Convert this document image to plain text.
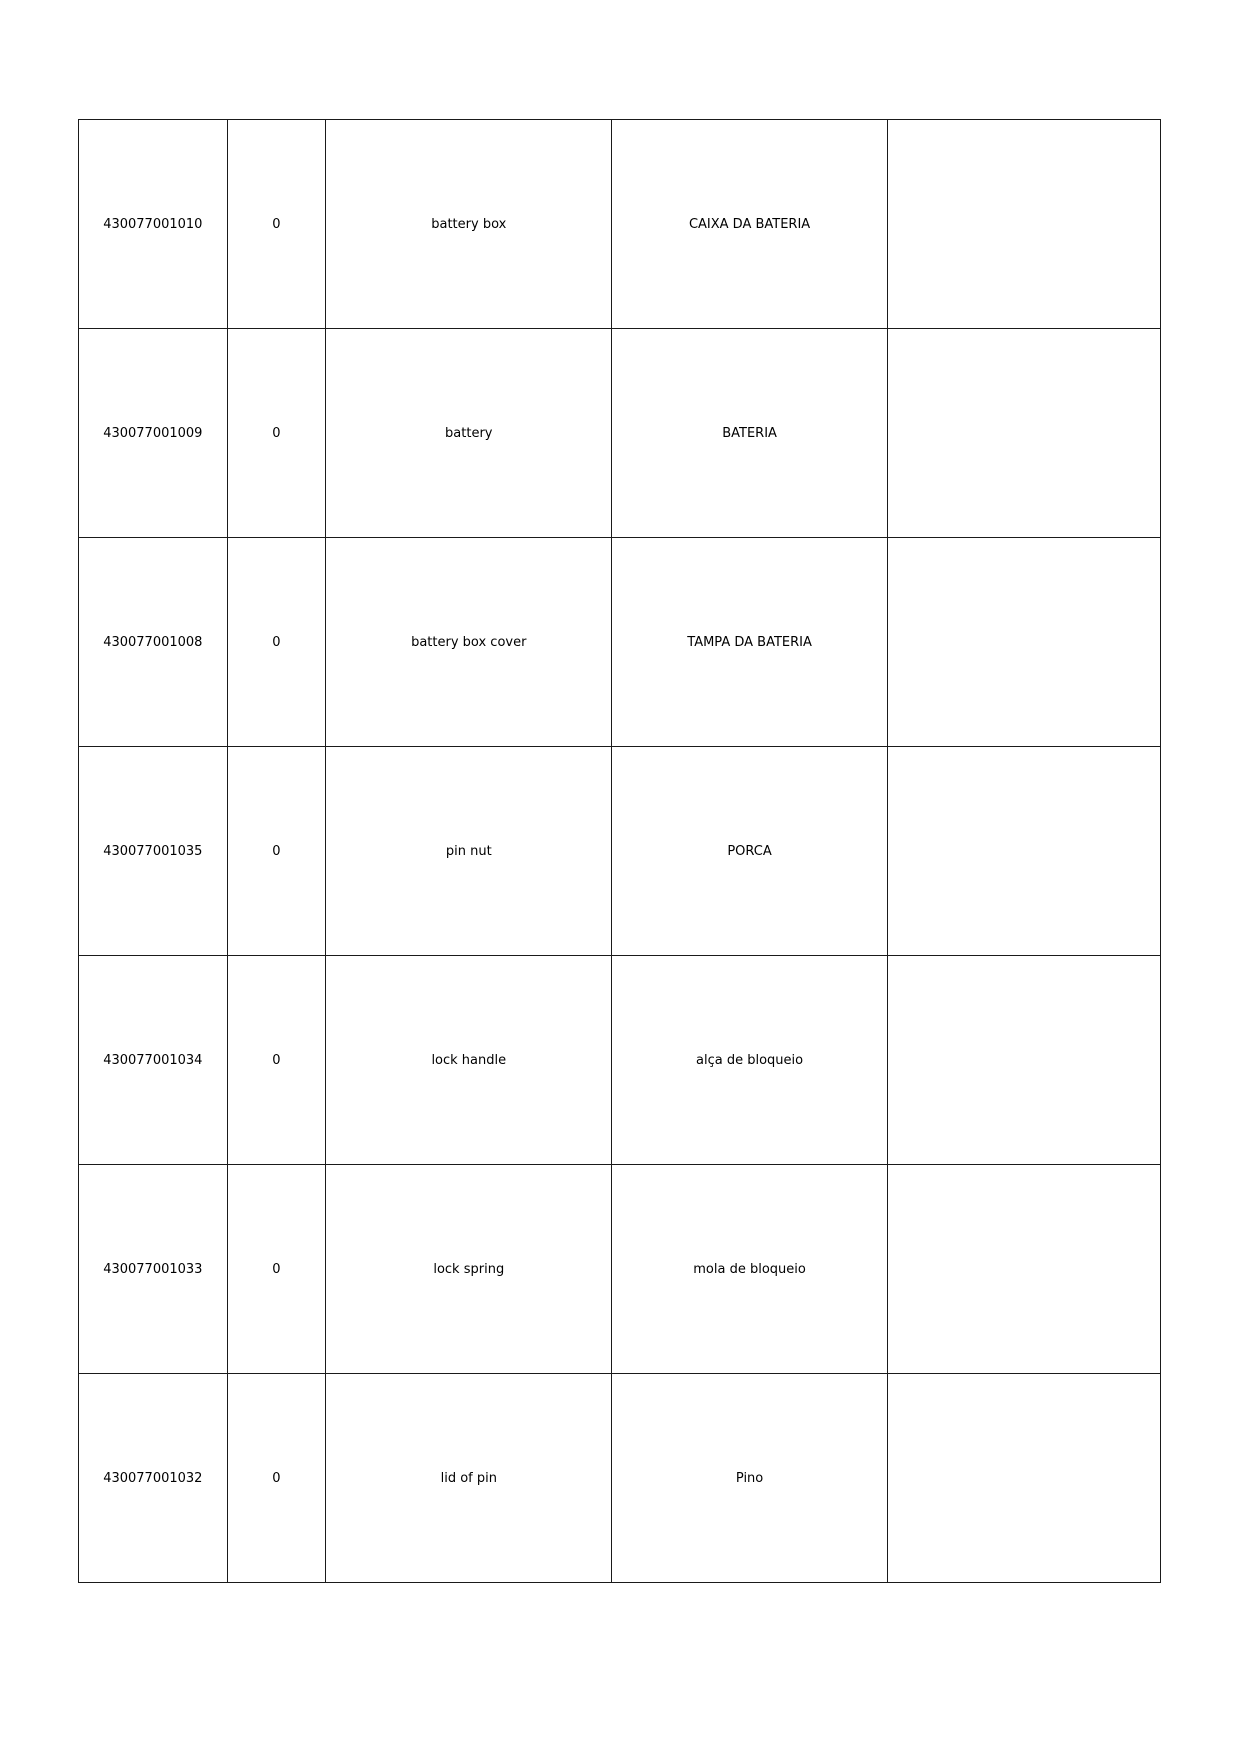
430077001010	0	battery box	CAIXA DA BATERIA	
430077001009	0	battery	BATERIA	
430077001008	0	battery box cover	TAMPA DA BATERIA	
430077001035	0	pin nut	PORCA	
430077001034	0	lock handle	alça de bloqueio	
430077001033	0	lock spring	mola de bloqueio	
430077001032	0	lid of pin	Pino	
